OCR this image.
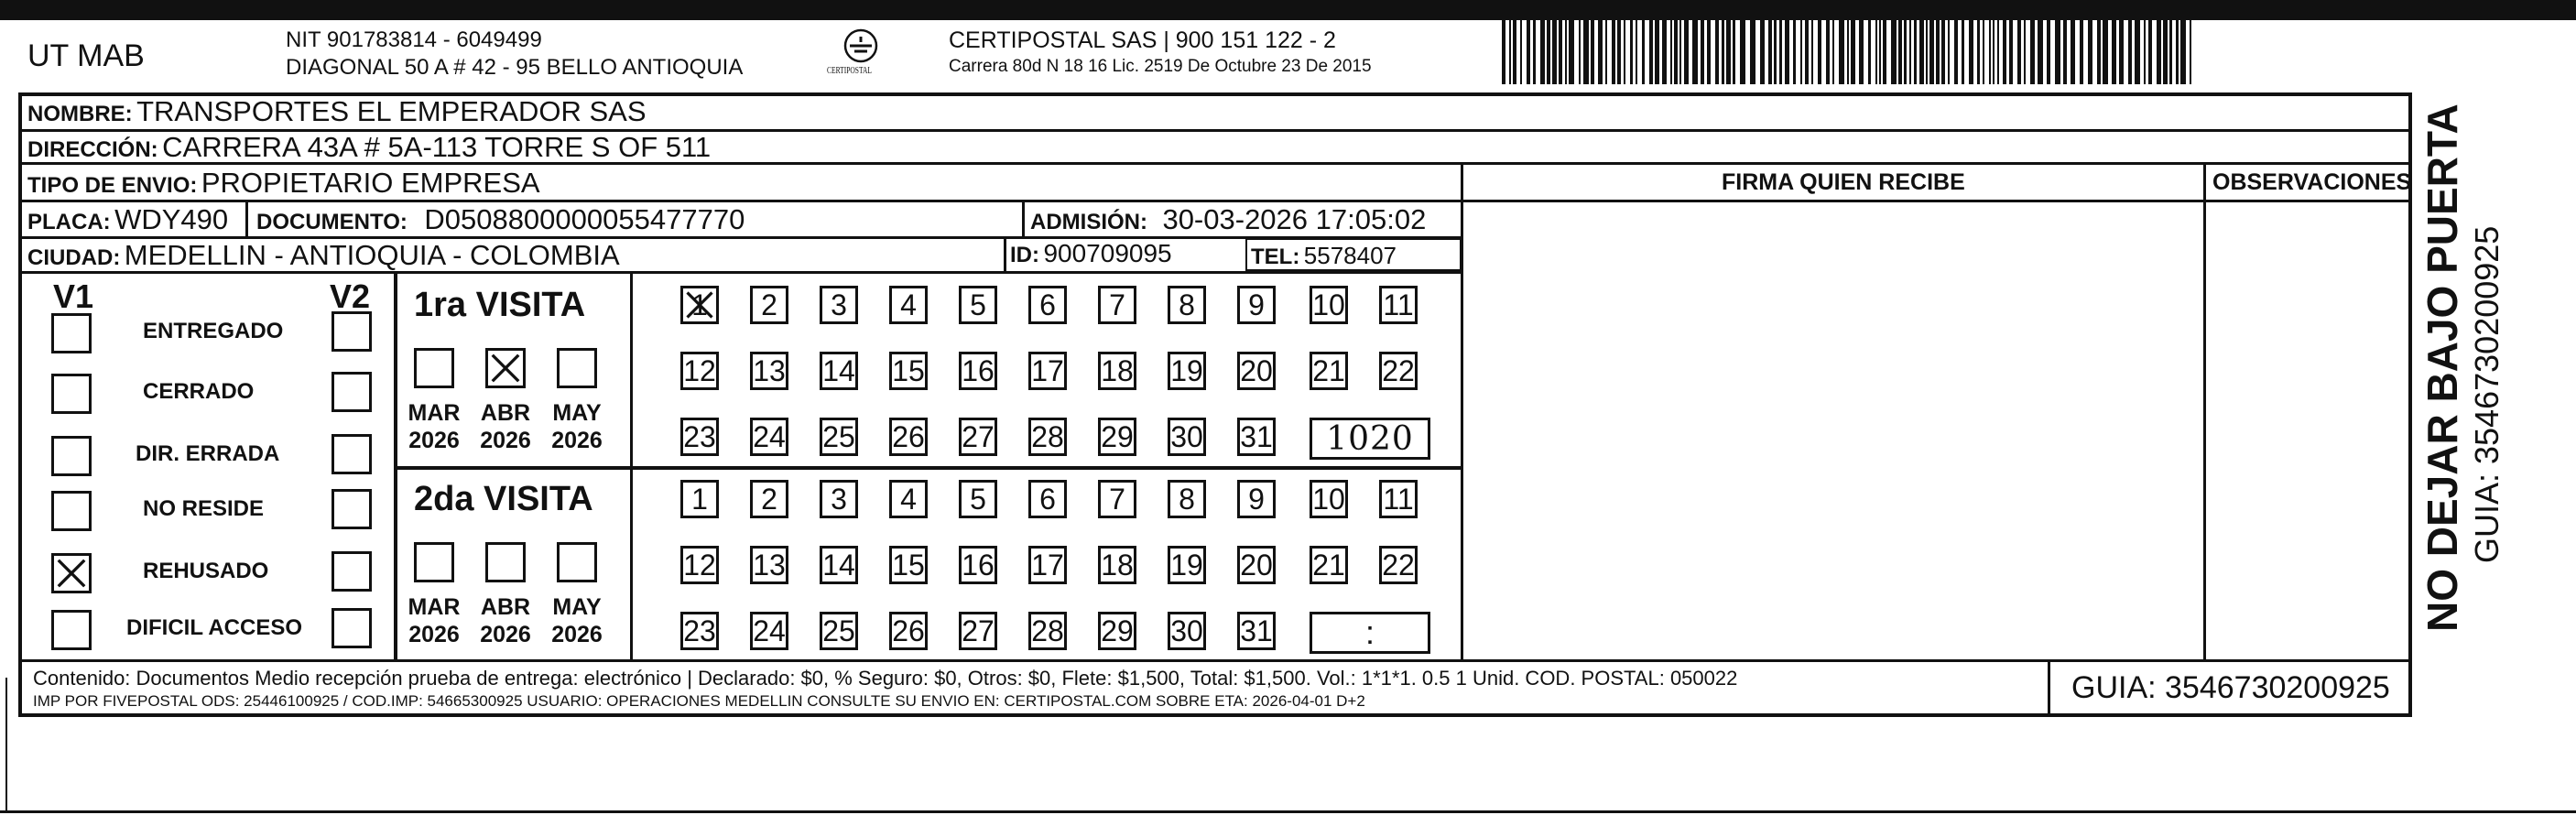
UT MAB	NIT 901783814 - 6049499
DIAGONAL 50 A # 42 - 95 BELLO ANTIOQUIA	CERTIPOSTAL
CERTIPOSTAL SAS | 900 151 122 - 2
Carrera 80d N 18 16 Lic. 2519 De Octubre 23 De 2015
NOMBRE: TRANSPORTES EL EMPERADOR SAS
DIRECCIÓN: CARRERA 43A # 5A-113 TORRE S OF 511
TIPO DE ENVIO: PROPIETARIO EMPRESA	FIRMA QUIEN RECIBE	OBSERVACIONES
PLACA: WDY490 DOCUMENTO: D0508800000055477770	ADMISIÓN: 30-03-2026 17:05:02
CIUDAD: MEDELLIN - ANTIOQUIA - COLOMBIA	ID: 900709095	TEL: 5578407
V1	V2
ENTREGADO
CERRADO
DIR. ERRADA
NO RESIDE
REHUSADO
DIFICIL ACCESO
1ra VISITA
MAR
2026
ABR
2026
MAY
2026
1	2	3	4	5	6	7	8	9	10 11
12 13 14 15 16 17 18 19 20 21 22
23 24 25 26 27 28 29 30 31	1020
2da VISITA
MAR
2026
ABR
2026
MAY
2026
1	2	3	4	5	6	7	8	9	10 11
12 13 14 15 16 17 18 19 20 21 22
23 24 25 26 27 28 29 30 31	:
Contenido: Documentos Medio recepción prueba de entrega: electrónico | Declarado: $0, % Seguro: $0, Otros: $0, Flete: $1,500, Total: $1,500. Vol.: 1*1*1. 0.5 1 Unid. COD. POSTAL: 050022
IMP POR FIVEPOSTAL ODS: 25446100925 / COD.IMP: 54665300925 USUARIO: OPERACIONES MEDELLIN CONSULTE SU ENVIO EN: CERTIPOSTAL.COM SOBRE ETA: 2026-04-01 D+2	GUIA: 3546730200925
NO DEJAR BAJO PUERTA GUIA: 3546730200925
